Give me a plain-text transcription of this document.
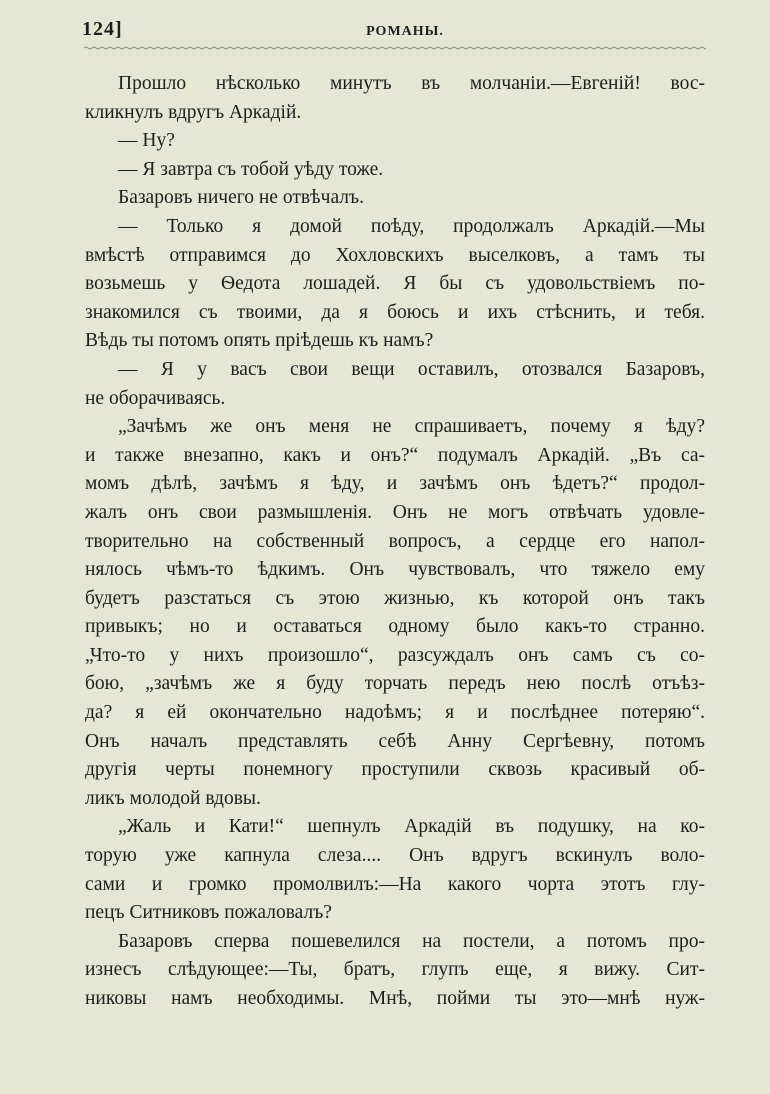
124]	РОМАНЫ.
Прошло нѣсколько минутъ въ молчаніи.—Евгеній! вос-
кликнулъ вдругъ Аркадій.
— Ну?
— Я завтра съ тобой уѣду тоже.
Базаровъ ничего не отвѣчалъ.
— Только я домой поѣду, продолжалъ Аркадій.—Мы
вмѣстѣ отправимся до Хохловскихъ выселковъ, а тамъ ты
возьмешь у Ѳедота лошадей. Я бы съ удовольствіемъ по-
знакомился съ твоими, да я боюсь и ихъ стѣснить, и тебя.
Вѣдь ты потомъ опять пріѣдешь къ намъ?
— Я у васъ свои вещи оставилъ, отозвался Базаровъ,
не оборачиваясь.
„Зачѣмъ же онъ меня не спрашиваетъ, почему я ѣду?
и также внезапно, какъ и онъ?“ подумалъ Аркадій. „Въ са-
момъ дѣлѣ, зачѣмъ я ѣду, и зачѣмъ онъ ѣдетъ?“ продол-
жалъ онъ свои размышленія. Онъ не могъ отвѣчать удовле-
творительно на собственный вопросъ, а сердце его напол-
нялось чѣмъ-то ѣдкимъ. Онъ чувствовалъ, что тяжело ему
будетъ разстаться съ этою жизнью, къ которой онъ такъ
привыкъ; но и оставаться одному было какъ-то странно.
„Что-то у нихъ произошло“, разсуждалъ онъ самъ съ со-
бою, „зачѣмъ же я буду торчать передъ нею послѣ отъѣз-
да? я ей окончательно надоѣмъ; я и послѣднее потеряю“.
Онъ началъ представлять себѣ Анну Сергѣевну, потомъ
другія черты понемногу проступили сквозь красивый об-
ликъ молодой вдовы.
„Жаль и Кати!“ шепнулъ Аркадій въ подушку, на ко-
торую уже капнула слеза.... Онъ вдругъ вскинулъ воло-
сами и громко промолвилъ:—На какого чорта этотъ глу-
пецъ Ситниковъ пожаловалъ?
Базаровъ сперва пошевелился на постели, а потомъ про-
изнесъ слѣдующее:—Ты, братъ, глупъ еще, я вижу. Сит-
никовы намъ необходимы. Мнѣ, пойми ты это—мнѣ нуж-
